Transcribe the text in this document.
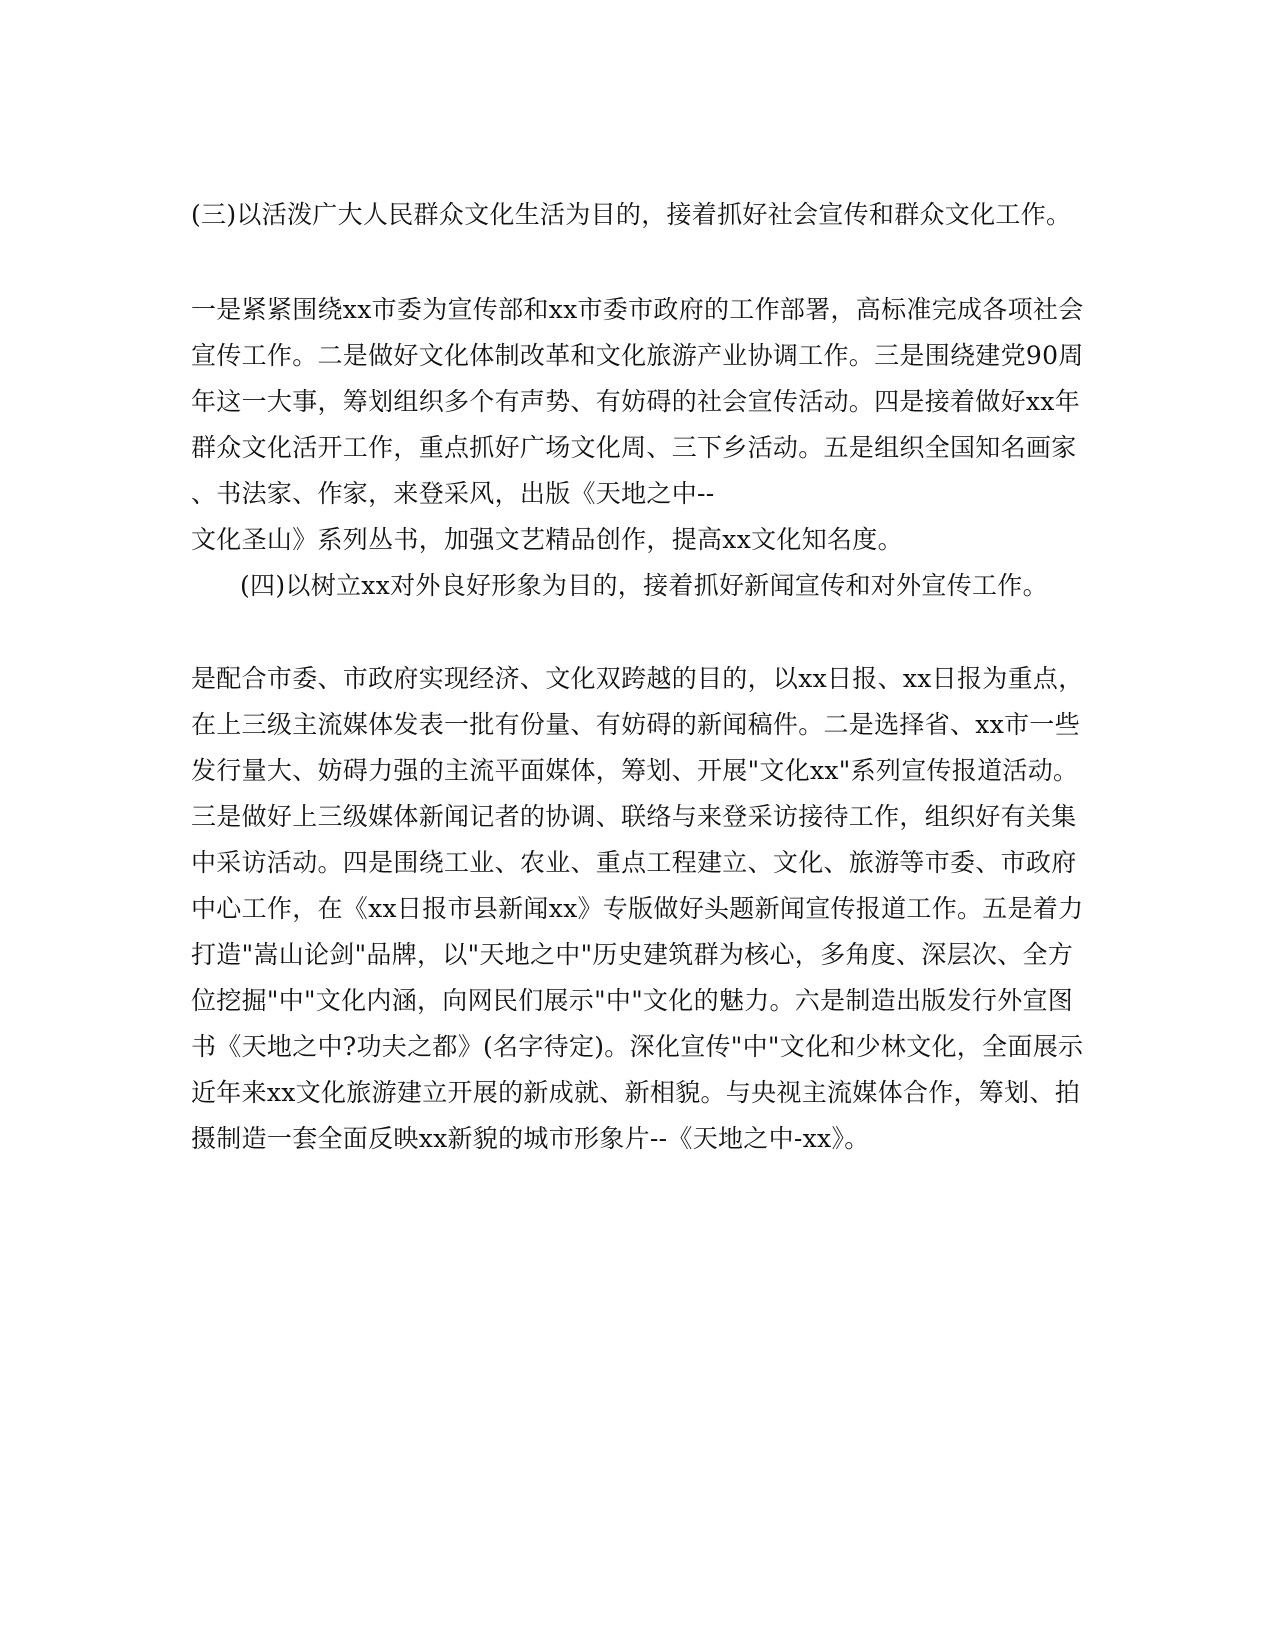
(三)以活泼广大人民群众文化生活为目的，接着抓好社会宣传和群众文化工作。
一是紧紧围绕xx市委为宣传部和xx市委市政府的工作部署，高标准完成各项社会
宣传工作。二是做好文化体制改革和文化旅游产业协调工作。三是围绕建党90周
年这一大事，筹划组织多个有声势、有妨碍的社会宣传活动。四是接着做好xx年
群众文化活开工作，重点抓好广场文化周、三下乡活动。五是组织全国知名画家
、书法家、作家，来登采风，出版《天地之中--
文化圣山》系列丛书，加强文艺精品创作，提高xx文化知名度。
(四)以树立xx对外良好形象为目的，接着抓好新闻宣传和对外宣传工作。
是配合市委、市政府实现经济、文化双跨越的目的，以xx日报、xx日报为重点，
在上三级主流媒体发表一批有份量、有妨碍的新闻稿件。二是选择省、xx市一些
发行量大、妨碍力强的主流平面媒体，筹划、开展"文化xx"系列宣传报道活动。
三是做好上三级媒体新闻记者的协调、联络与来登采访接待工作，组织好有关集
中采访活动。四是围绕工业、农业、重点工程建立、文化、旅游等市委、市政府
中心工作，在《xx日报市县新闻xx》专版做好头题新闻宣传报道工作。五是着力
打造"嵩山论剑"品牌，以"天地之中"历史建筑群为核心，多角度、深层次、全方
位挖掘"中"文化内涵，向网民们展示"中"文化的魅力。六是制造出版发行外宣图
书《天地之中?功夫之都》(名字待定)。深化宣传"中"文化和少林文化，全面展示
近年来xx文化旅游建立开展的新成就、新相貌。与央视主流媒体合作，筹划、拍
摄制造一套全面反映xx新貌的城市形象片--《天地之中-xx》。
